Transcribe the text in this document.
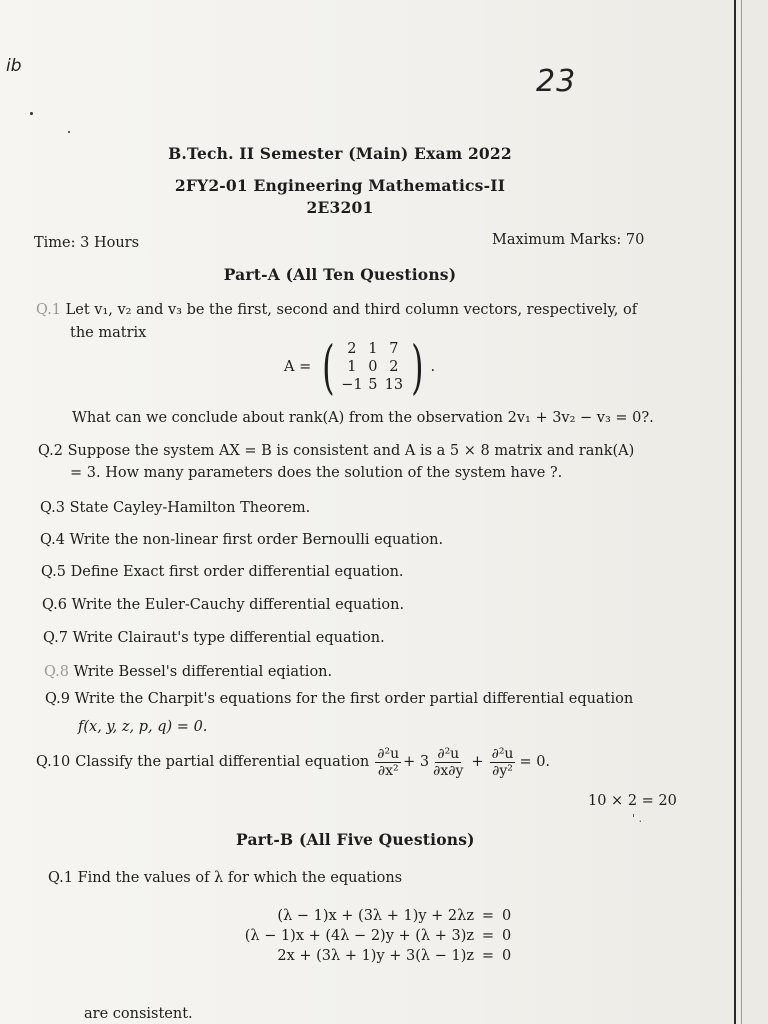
ib	23
B.Tech. II Semester (Main) Exam 2022
2FY2-01 Engineering Mathematics-II
2E3201
Time: 3 Hours	Maximum Marks: 70
Part-A (All Ten Questions)
Q.1 Let v₁, v₂ and v₃ be the first, second and third column vectors, respectively, of
the matrix
A = ( 2 1 7
1 0 2
−1 5 13 ) .
What can we conclude about rank(A) from the observation 2v₁ + 3v₂ − v₃ = 0?.
Q.2 Suppose the system AX = B is consistent and A is a 5 × 8 matrix and rank(A)
= 3. How many parameters does the solution of the system have ?.
Q.3 State Cayley-Hamilton Theorem.
Q.4 Write the non-linear first order Bernoulli equation.
Q.5 Define Exact first order differential equation.
Q.6 Write the Euler-Cauchy differential equation.
Q.7 Write Clairaut's type differential equation.
Q.8 Write Bessel's differential eqiation.
Q.9 Write the Charpit's equations for the first order partial differential equation
f(x, y, z, p, q) = 0.
Q.10 Classify the partial differential equation $\frac{\text{∂²u}}{\text{∂x²}} + 3 \frac{\text{∂²u}}{\partial x\partial y} + \frac{\text{∂²u}}{\text{∂y²}} = 0$.
10 × 2 = 20
' .
Part-B (All Five Questions)
Q.1 Find the values of λ for which the equations
(λ − 1)x + (3λ + 1)y + 2λz = 0
(λ − 1)x + (4λ − 2)y + (λ + 3)z = 0
2x + (3λ + 1)y + 3(λ − 1)z = 0
are consistent.
